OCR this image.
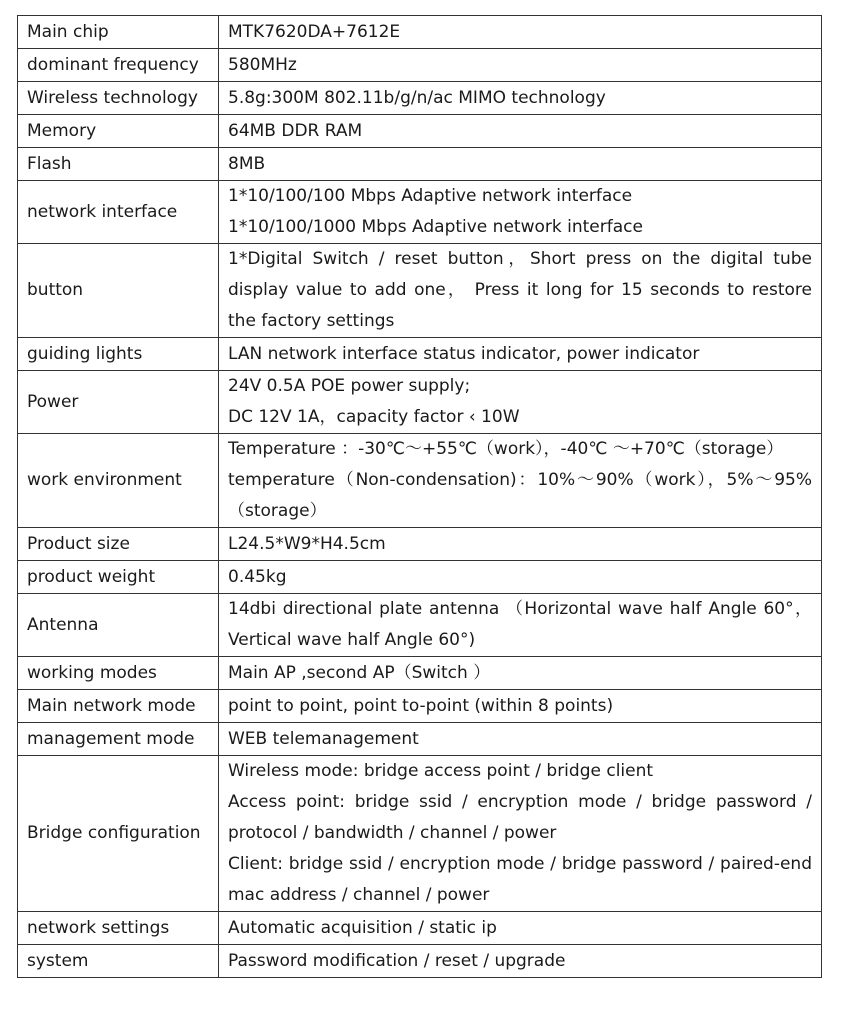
Main chip	MTK7620DA+7612E

dominant frequency	580MHz

Wireless technology	5.8g:300M 802.11b/g/n/ac MIMO technology

Memory	64MB DDR RAM

Flash	8MB

network interface	1*10/100/100 Mbps Adaptive network interface
1*10/100/1000 Mbps Adaptive network interface

button	1*Digital Switch / reset button，Short press on the digital tube display value to add one， Press it long for 15 seconds to restore the factory settings

guiding lights	LAN network interface status indicator, power indicator

Power	24V 0.5A POE power supply;
DC 12V 1A，capacity factor ‹ 10W

work environment	Temperature ：-30℃～+55℃（work），-40℃ ～+70℃（storage）
temperature（Non-condensation)：10%～90%（work），5%～95%（storage）

Product size	L24.5*W9*H4.5cm

product weight	0.45kg

Antenna	14dbi directional plate antenna （Horizontal wave half Angle 60°，Vertical wave half Angle 60°)

working modes	Main AP ,second AP（Switch ）

Main network mode	point to point, point to-point (within 8 points)

management mode	WEB telemanagement

Bridge configuration	Wireless mode: bridge access point / bridge client
Access point: bridge ssid / encryption mode / bridge password / protocol / bandwidth / channel / power
Client: bridge ssid / encryption mode / bridge password / paired-end mac address / channel / power

network settings	Automatic acquisition / static ip

system	Password modification / reset / upgrade
